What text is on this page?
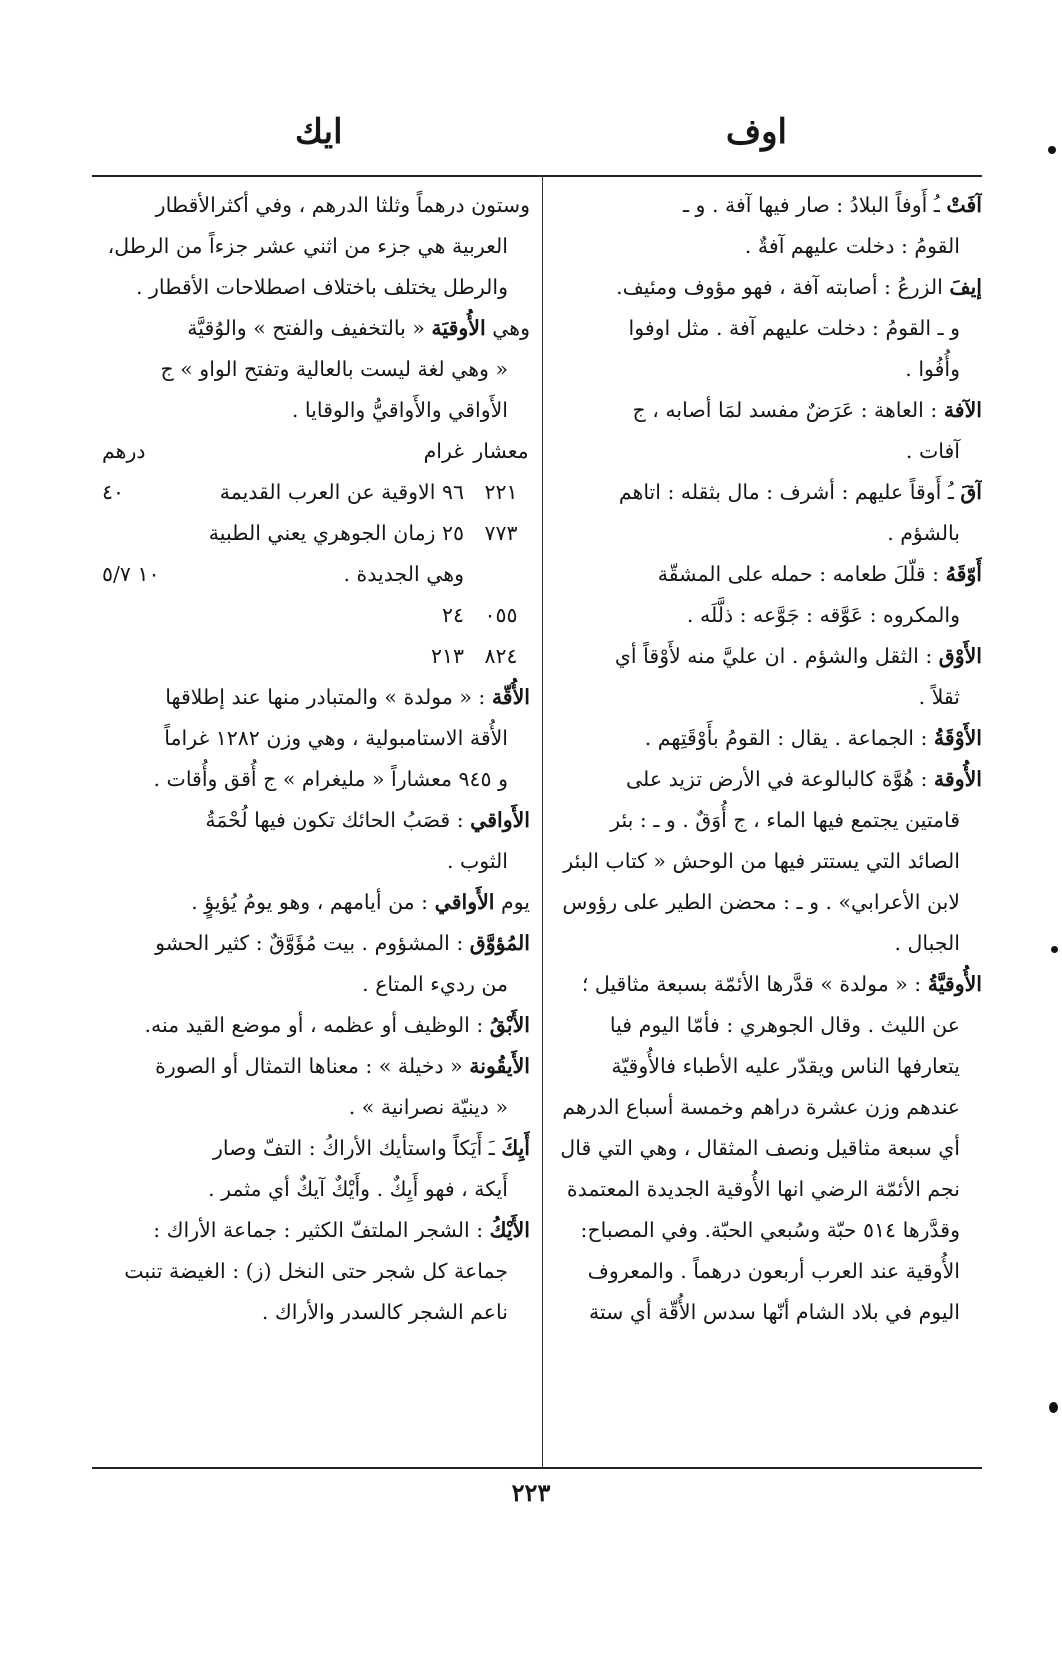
اوف
ايك
آفَتْ ـُ أَوفاً البلادُ : صار فيها آفة . و ـ
القومُ : دخلت عليهم آفةٌ .
إيفَ الزرعُ : أصابته آفة ، فهو مؤوف ومئيف.
و ـ القومُ : دخلت عليهم آفة . مثل اوفوا
وأُفُوا .
الآفة : العاهة : عَرَضٌ مفسد لمَا أصابه ، ج
آفات .
آقَ ـُ أَوقاً عليهم : أشرف : مال بثقله : اتاهم
بالشؤم .
أَوّقَهُ : قلّلَ طعامه : حمله على المشقّة
والمكروه : عَوَّقه : جَوَّعه : ذلَّلَه .
الأَوْق : الثقل والشؤم . ان عليَّ منه لأَوْقاً أي
ثقلاً .
الأَوْقَةُ : الجماعة . يقال : القومُ بأَوْقَتِهم .
الأُوقة : هُوَّة كالبالوعة في الأرض تزيد على
قامتين يجتمع فيها الماء ، ج أُوَقٌ . و ـ : بئر
الصائد التي يستتر فيها من الوحش « كتاب البئر
لابن الأعرابي» . و ـ : محضن الطير على رؤوس
الجبال .
الأُوقيَّةُ : « مولدة » قدَّرها الأئمّة بسبعة مثاقيل ؛
عن الليث . وقال الجوهري : فأمّا اليوم فيا
يتعارفها الناس ويقدّر عليه الأطباء فالأُوقيّة
عندهم وزن عشرة دراهم وخمسة أسباع الدرهم
أي سبعة مثاقيل ونصف المثقال ، وهي التي قال
نجم الأئمّة الرضي انها الأُوقية الجديدة المعتمدة
وقدَّرها ٥١٤ حبّة وسُبعي الحبّة. وفي المصباح:
الأُوقية عند العرب أربعون درهماً . والمعروف
اليوم في بلاد الشام أنّها سدس الأُقّة أي ستة
وستون درهماً وثلثا الدرهم ، وفي أكثرالأقطار
العربية هي جزء من اثني عشر جزءاً من الرطل،
والرطل يختلف باختلاف اصطلاحات الأقطار .
وهي الأُوقيَة « بالتخفيف والفتح » والوُقيَّة
« وهي لغة ليست بالعالية وتفتح الواو » ج
الأَواقي والأَواقيُّ والوقايا .
معشار
غرام
درهم
٢٢١
٩٦ الاوقية عن العرب القديمة
٤٠
٧٧٣
٢٥ زمان الجوهري يعني الطبية
وهي الجديدة .
١٠ ٥/٧
٠٥٥
٢٤
٨٢٤
٢١٣
الأُقّة : « مولدة » والمتبادر منها عند إطلاقها
الأُقة الاستامبولية ، وهي وزن ١٢٨٢ غراماً
و ٩٤٥ معشاراً « مليغرام » ج أُقق وأُقات .
الأَواقي : قصَبُ الحائك تكون فيها لُحْمَةُ
الثوب .
يوم الأَواقي : من أيامهم ، وهو يومُ يُؤيؤٍ .
المُؤوَّق : المشؤوم . بيت مُؤَوَّقٌ : كثير الحشو
من رديء المتاع .
الأَبْقُ : الوظيف أو عظمه ، أو موضع القيد منه.
الأَيقُونة « دخيلة » : معناها التمثال أو الصورة
« دينيّة نصرانية » .
أَيِكَ ـَ أَيَكاً واستأيك الأراكُ : التفّ وصار
أَيكة ، فهو أَيِكٌ . وأَيْكٌ آيكٌ أي مثمر .
الأَيْكُ : الشجر الملتفّ الكثير : جماعة الأراك :
جماعة كل شجر حتى النخل (ز) : الغيضة تنبت
ناعم الشجر كالسدر والأراك .
٢٢٣
